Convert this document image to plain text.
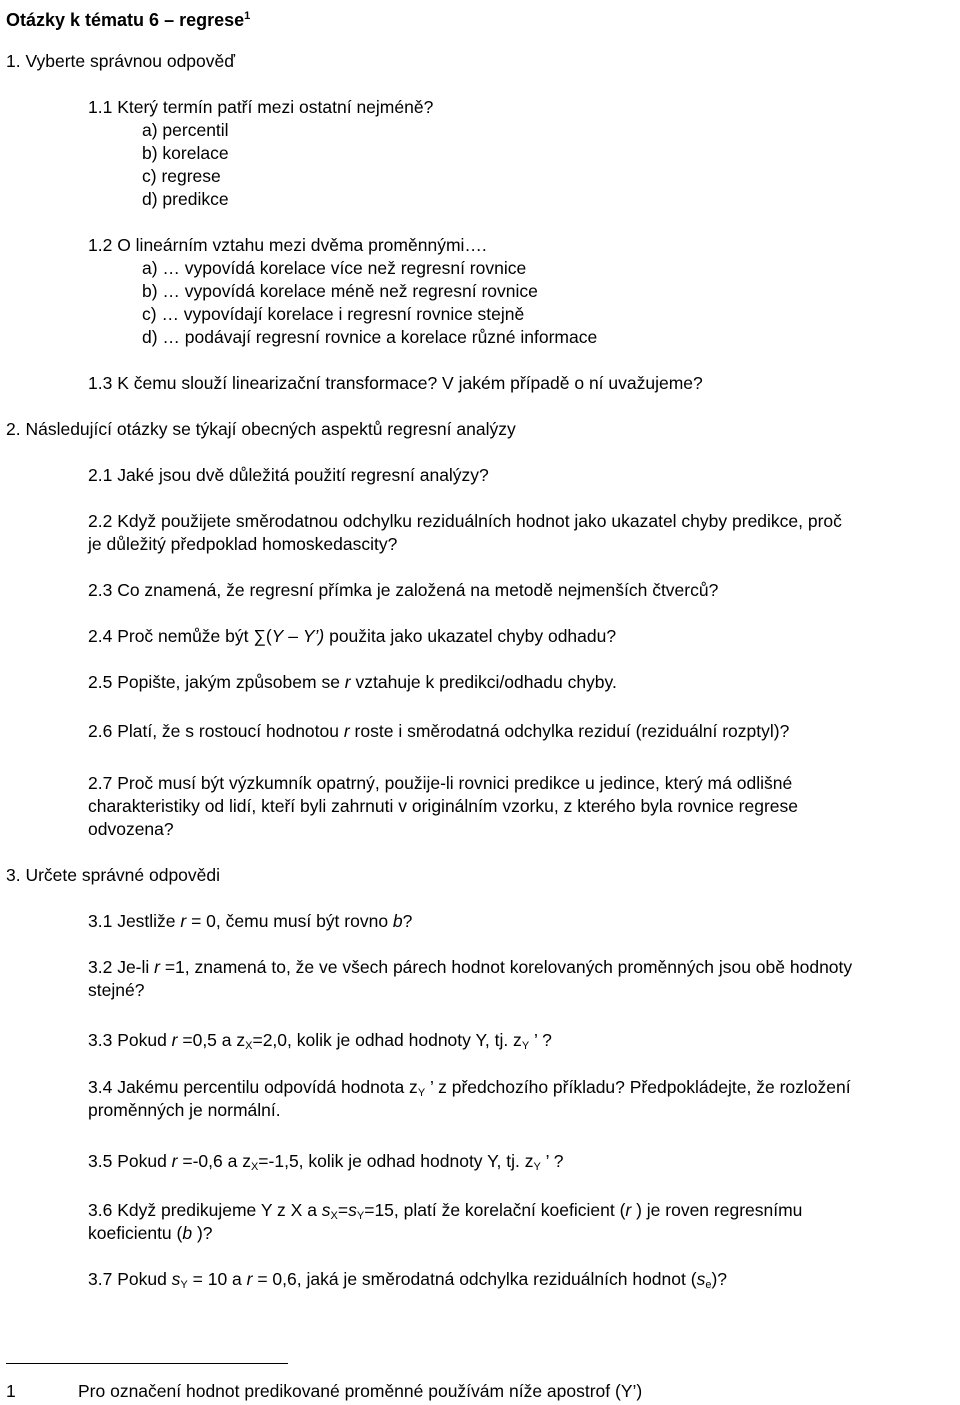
Otázky k tématu 6 – regrese$^1$
1. Vyberte správnou odpověď
1.1 Který termín patří mezi ostatní nejméně?
a) percentil
b) korelace
c) regrese
d) predikce
1.2 O lineárním vztahu mezi dvěma proměnnými….
a) … vypovídá korelace více než regresní rovnice
b) … vypovídá korelace méně než regresní rovnice
c) … vypovídají korelace i regresní rovnice stejně
d) … podávají regresní rovnice a korelace různé informace
1.3 K čemu slouží linearizační transformace? V jakém případě o ní uvažujeme?
2. Následující otázky se týkají obecných aspektů regresní analýzy
2.1 Jaké jsou dvě důležitá použití regresní analýzy?
2.2 Když použijete směrodatnou odchylku reziduálních hodnot jako ukazatel chyby predikce, proč
je důležitý předpoklad homoskedascity?
2.3 Co znamená, že regresní přímka je založená na metodě nejmenších čtverců?
2.4 Proč nemůže být ∑(Y – Y’) použita jako ukazatel chyby odhadu?
2.5 Popište, jakým způsobem se r vztahuje k predikci/odhadu chyby.
2.6 Platí, že s rostoucí hodnotou r roste i směrodatná odchylka reziduí (reziduální rozptyl)?
2.7 Proč musí být výzkumník opatrný, použije-li rovnici predikce u jedince, který má odlišné
charakteristiky od lidí, kteří byli zahrnuti v originálním vzorku, z kterého byla rovnice regrese
odvozena?
3. Určete správné odpovědi
3.1 Jestliže r = 0, čemu musí být rovno b?
3.2 Je-li r =1, znamená to, že ve všech párech hodnot korelovaných proměnných jsou obě hodnoty
stejné?
3.3 Pokud r =0,5 a $z_X=2,0$, kolik je odhad hodnoty Y, tj. $z_Y$ ’ ?
3.4 Jakému percentilu odpovídá hodnota $z_Y$ ’ z předchozího příkladu? Předpokládejte, že rozložení
proměnných je normální.
3.5 Pokud r =-0,6 a $z_X=-1,5$, kolik je odhad hodnoty Y, tj. $z_Y$ ’ ?
3.6 Když predikujeme Y z X a $s_X=s_Y=15$, platí že korelační koeficient (r ) je roven regresnímu
koeficientu (b )?
3.7 Pokud $s_Y = 10$ a r = 0,6, jaká je směrodatná odchylka reziduálních hodnot $(s_e)$?
1	Pro označení hodnot predikované proměnné používám níže apostrof (Y’)
